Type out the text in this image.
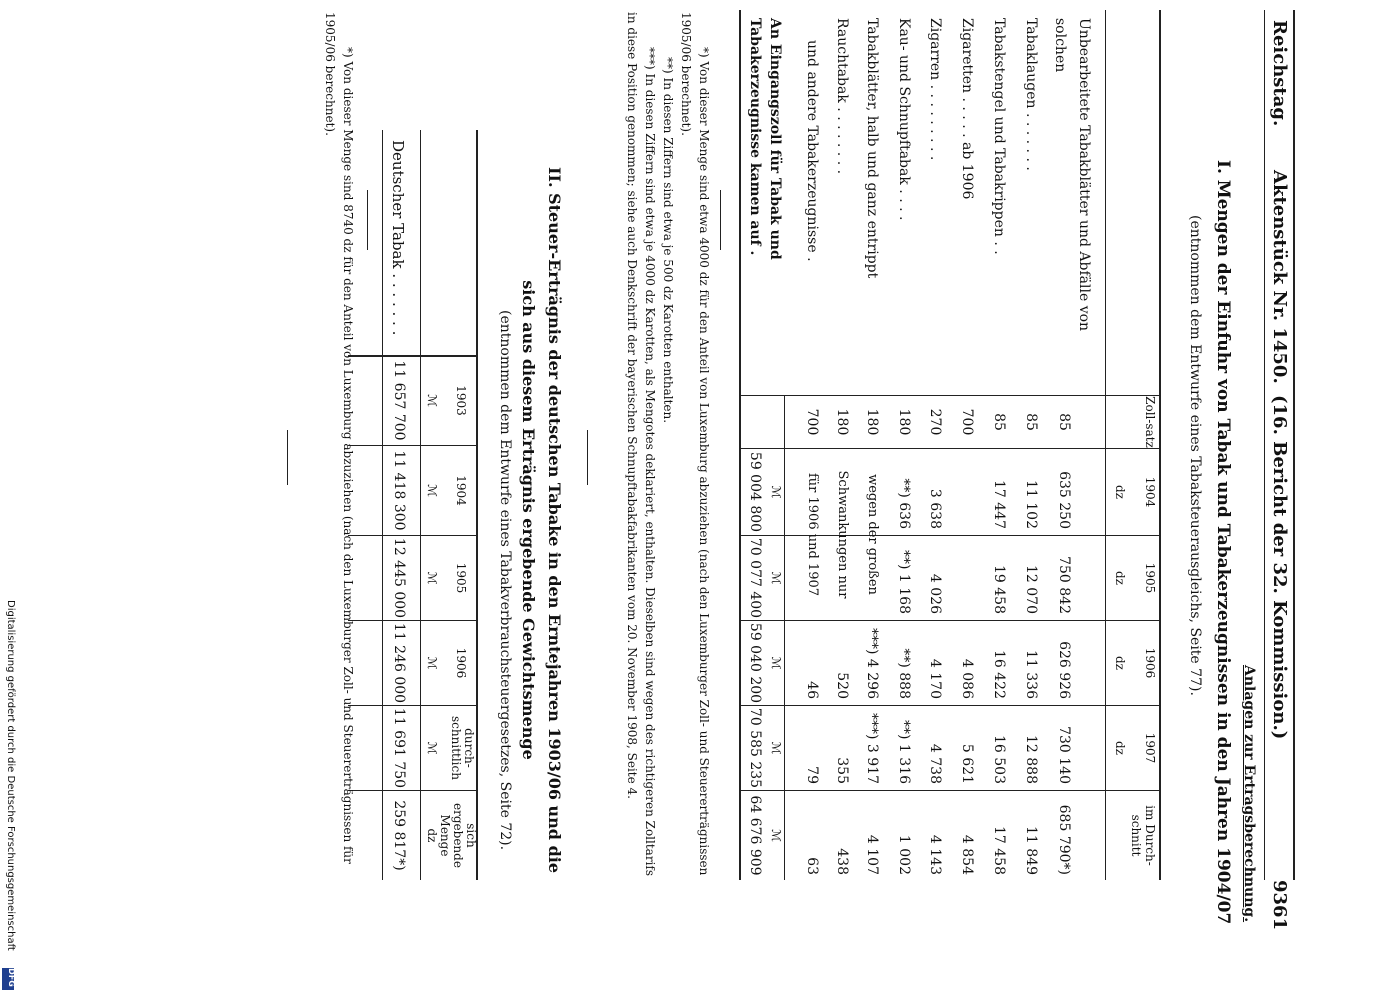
Reichstag.
Aktenstück Nr. 1450.
(16. Bericht der 32. Kommission.)
9361
Anlagen zur Ertragsberechnung.
I. Mengen der Einfuhr von Tabak und Tabakerzeugnissen in den Jahren 1904/07
(entnommen dem Entwurfe eines Tabaksteuerausgleichs, Seite 77).
Zoll-satz
1904
1905
1906
1907
im Durch-schnitt
dz
dz
dz
dz
Unbearbeitete Tabakblätter und Abfälle von solchen
85
635 250
750 842
626 926
730 140
685 790*)
Tabaklaugen . . . . . . .
85
11 102
12 070
11 336
12 888
11 849
Tabakstengel und Tabakrippen . .
85
17 447
19 458
16 422
16 503
17 458
Zigaretten . . . . . ab 1906
700
4 086
5 621
4 854
Zigarren . . . . . . . . .
270
3 638
4 026
4 170
4 738
4 143
Kau- und Schnupftabak . . . .
180
**) 636
**) 1 168
**) 888
**) 1 316
1 002
Tabakblätter, halb und ganz entrippt
180
wegen der großen
***) 4 296
***) 3 917
4 107
Rauchtabak . . . . . . . .
180
Schwankungen nur
520
355
438
und andere Tabakerzeugnisse .
700
für 1906 und 1907
46
79
63
An Eingangszoll für Tabak und Tabakerzeugnisse kamen auf .
ℳ
ℳ
ℳ
ℳ
ℳ
59 004 800
70 077 400
59 040 200
70 585 235
64 676 909
*) Von dieser Menge sind etwa 4000 dz für den Anteil von Luxemburg abzuziehen (nach den Luxemburger Zoll- und Steuererträgnissen 1905/06 berechnet).
**) In diesen Ziffern sind etwa je 500 dz Karotten enthalten.
***) In diesen Ziffern sind etwa je 4000 dz Karotten, als Mengotes deklariert, enthalten. Dieselben sind wegen des richtigeren Zolltarifs in diese Position genommen; siehe auch Denkschrift der bayerischen Schnupftabakfabrikanten vom 20. November 1908, Seite 4.
II. Steuer-Erträgnis der deutschen Tabake in den Erntejahren 1903/06 und die sich aus diesem Erträgnis ergebende Gewichtsmenge
(entnommen dem Entwurfe eines Tabakverbrauchsteuergesetzes, Seite 72).
1903
1904
1905
1906
durch-schnittlich
sich ergebende Menge
ℳ
ℳ
ℳ
ℳ
ℳ
dz
Deutscher Tabak . . . . . . .
11 657 700
11 418 300
12 445 000
11 246 000
11 691 750
259 817*)
*) Von dieser Menge sind 8740 dz für den Anteil von Luxemburg abzuziehen (nach den Luxemburger Zoll- und Steuererträgnissen für 1905/06 berechnet).
Digitalisierung gefördert durch die Deutsche Forschungsgemeinschaft
DFG
